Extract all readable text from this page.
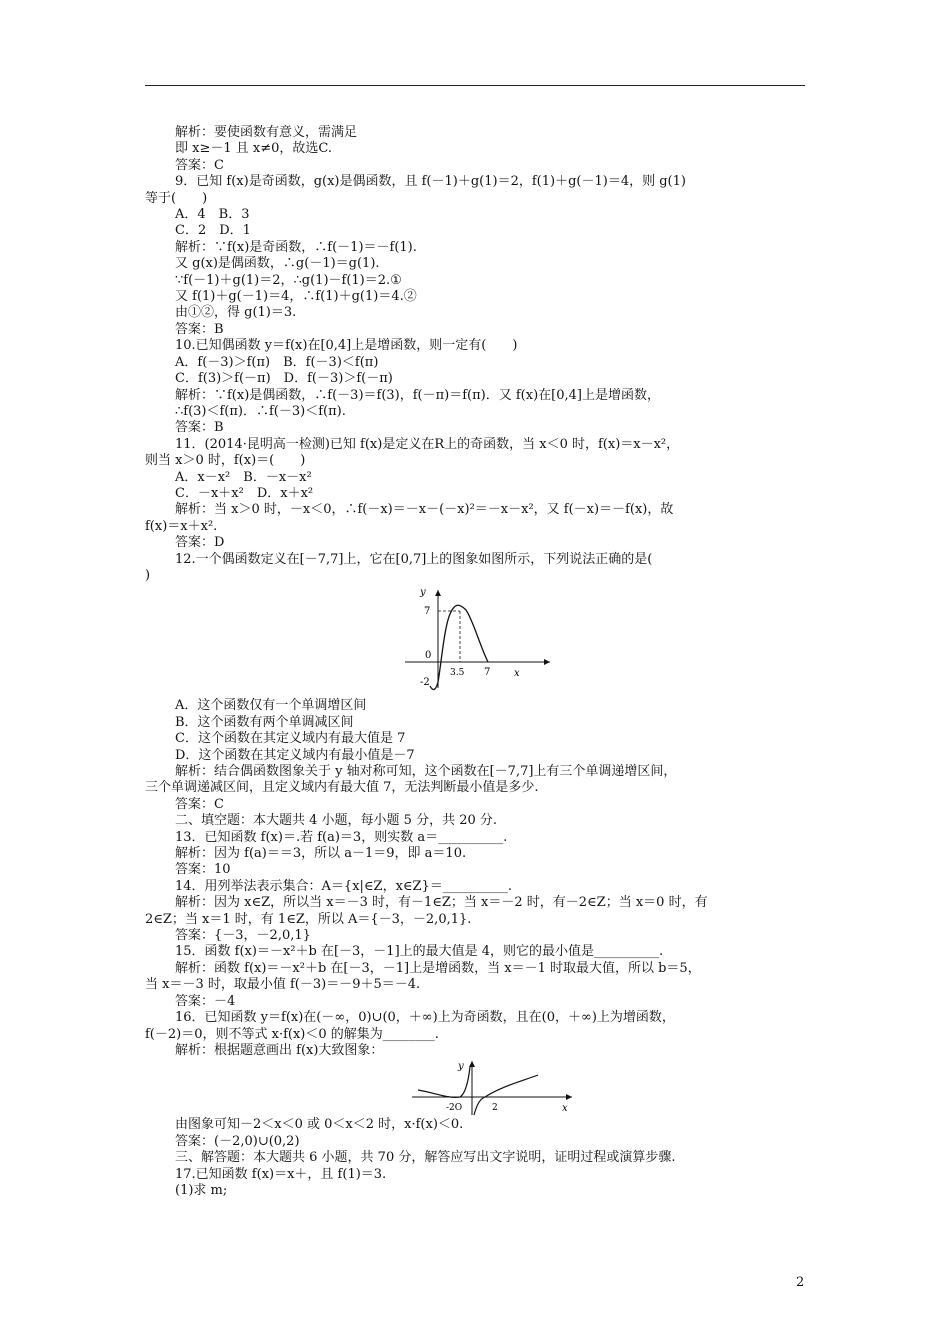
解析：要使函数有意义，需满足
即 x≥－1 且 x≠0，故选C.
答案：C
9．已知 f(x)是奇函数，g(x)是偶函数，且 f(－1)＋g(1)＝2，f(1)＋g(－1)＝4，则 g(1)
等于(　　)
A．4　B．3
C．2　D．1
解析：∵f(x)是奇函数，∴f(－1)＝－f(1).
又 g(x)是偶函数，∴g(－1)＝g(1).
∵f(－1)＋g(1)＝2，∴g(1)－f(1)＝2.①
又 f(1)＋g(－1)＝4，∴f(1)＋g(1)＝4.②
由①②，得 g(1)＝3.
答案：B
10.已知偶函数 y＝f(x)在[0,4]上是增函数，则一定有(　　)
A．f(－3)＞f(π)　B．f(－3)＜f(π)
C．f(3)＞f(－π)　D．f(－3)＞f(－π)
解析：∵f(x)是偶函数，∴f(－3)＝f(3)，f(－π)＝f(π)．又 f(x)在[0,4]上是增函数，
∴f(3)＜f(π)．∴f(－3)＜f(π).
答案：B
11．(2014·昆明高一检测)已知 f(x)是定义在R上的奇函数，当 x＜0 时，f(x)＝x－x²，
则当 x＞0 时，f(x)＝(　　)
A．x－x²　B．－x－x²
C．－x＋x²　D．x＋x²
解析：当 x＞0 时，－x＜0，∴f(－x)＝－x－(－x)²＝－x－x²，又 f(－x)＝－f(x)，故
f(x)＝x＋x².
答案：D
12.一个偶函数定义在[－7,7]上，它在[0,7]上的图象如图所示，下列说法正确的是(
)
y
7
0
-2
3.5 7 x
A．这个函数仅有一个单调增区间
B．这个函数有两个单调减区间
C．这个函数在其定义域内有最大值是 7
D．这个函数在其定义域内有最小值是－7
解析：结合偶函数图象关于 y 轴对称可知，这个函数在[－7,7]上有三个单调递增区间，
三个单调递减区间，且定义域内有最大值 7，无法判断最小值是多少.
答案：C
二、填空题：本大题共 4 小题，每小题 5 分，共 20 分.
13．已知函数 f(x)＝.若 f(a)＝3，则实数 a＝__________.
解析：因为 f(a)＝＝3，所以 a－1＝9，即 a＝10.
答案：10
14．用列举法表示集合：A＝{x|∈Z，x∈Z}＝__________.
解析：因为 x∈Z，所以当 x＝－3 时，有－1∈Z；当 x＝－2 时，有－2∈Z；当 x＝0 时，有
2∈Z；当 x＝1 时，有 1∈Z，所以 A＝{－3，－2,0,1}.
答案：{－3，－2,0,1}
15．函数 f(x)＝－x²＋b 在[－3，－1]上的最大值是 4，则它的最小值是__________.
解析：函数 f(x)＝－x²＋b 在[－3，－1]上是增函数，当 x＝－1 时取最大值，所以 b＝5，
当 x＝－3 时，取最小值 f(－3)＝－9＋5＝－4.
答案：－4
16．已知函数 y＝f(x)在(－∞，0)∪(0，＋∞)上为奇函数，且在(0，＋∞)上为增函数，
f(－2)＝0，则不等式 x·f(x)＜0 的解集为________.
解析：根据题意画出 f(x)大致图象：
y
-2O	2	x
由图象可知－2＜x＜0 或 0＜x＜2 时，x·f(x)＜0.
答案：(－2,0)∪(0,2)
三、解答题：本大题共 6 小题，共 70 分，解答应写出文字说明，证明过程或演算步骤.
17.已知函数 f(x)＝x＋，且 f(1)＝3.
(1)求 m;
2
